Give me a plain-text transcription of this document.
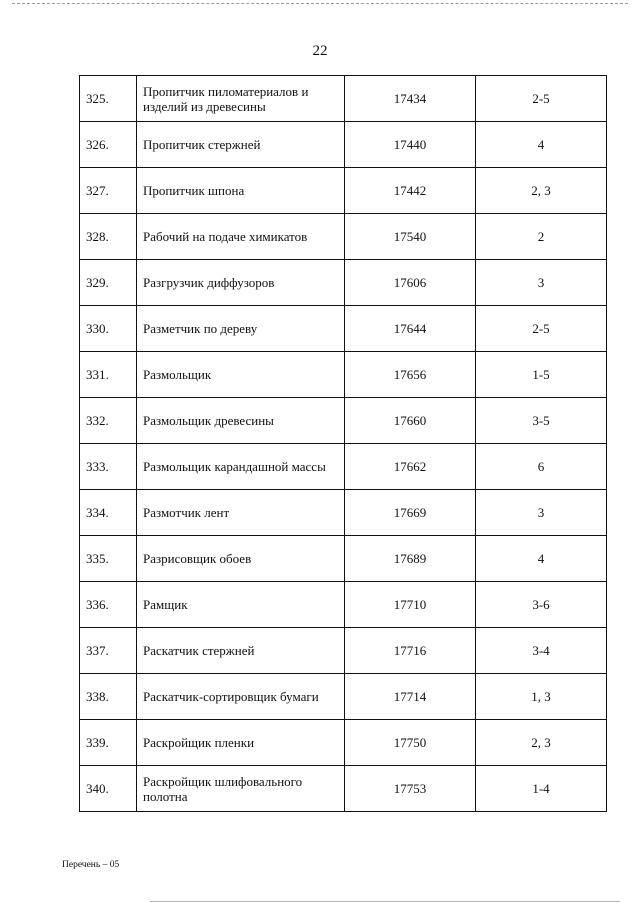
22
325.	Пропитчик пиломатериалов и изделий из древесины	17434	2-5
326.	Пропитчик стержней	17440	4
327.	Пропитчик шпона	17442	2, 3
328.	Рабочий на подаче химикатов	17540	2
329.	Разгрузчик диффузоров	17606	3
330.	Разметчик по дереву	17644	2-5
331.	Размольщик	17656	1-5
332.	Размольщик древесины	17660	3-5
333.	Размольщик карандашной массы	17662	6
334.	Размотчик лент	17669	3
335.	Разрисовщик обоев	17689	4
336.	Рамщик	17710	3-6
337.	Раскатчик стержней	17716	3-4
338.	Раскатчик-сортировщик бумаги	17714	1, 3
339.	Раскройщик пленки	17750	2, 3
340.	Раскройщик шлифовального полотна	17753	1-4
Перечень – 05
